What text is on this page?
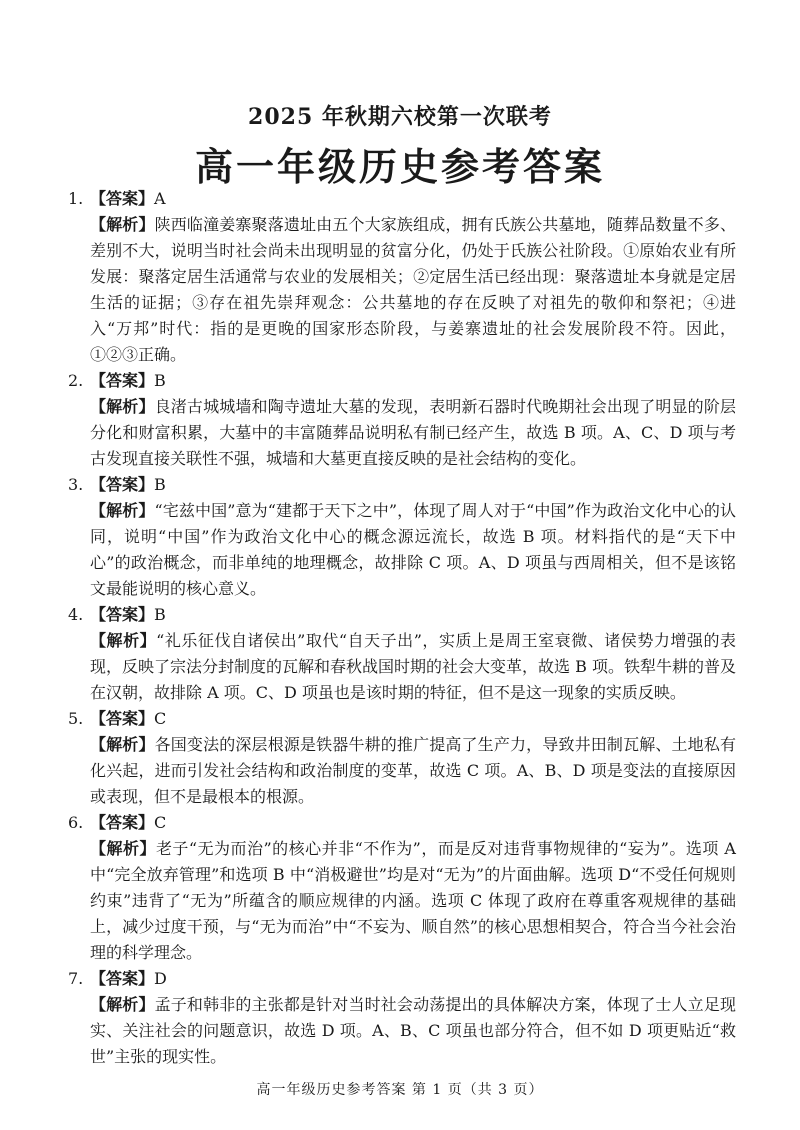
2025 年秋期六校第一次联考
高一年级历史参考答案
1. 【答案】A
【解析】陕西临潼姜寨聚落遗址由五个大家族组成，拥有氏族公共墓地，随葬品数量不多、差别不大，说明当时社会尚未出现明显的贫富分化，仍处于氏族公社阶段。①原始农业有所发展：聚落定居生活通常与农业的发展相关；②定居生活已经出现：聚落遗址本身就是定居生活的证据；③存在祖先崇拜观念：公共墓地的存在反映了对祖先的敬仰和祭祀；④进入“万邦”时代：指的是更晚的国家形态阶段，与姜寨遗址的社会发展阶段不符。因此，①②③正确。
2. 【答案】B
【解析】良渚古城城墙和陶寺遗址大墓的发现，表明新石器时代晚期社会出现了明显的阶层分化和财富积累，大墓中的丰富随葬品说明私有制已经产生，故选 B 项。A、C、D 项与考古发现直接关联性不强，城墙和大墓更直接反映的是社会结构的变化。
3. 【答案】B
【解析】“宅兹中国”意为“建都于天下之中”，体现了周人对于“中国”作为政治文化中心的认同，说明“中国”作为政治文化中心的概念源远流长，故选 B 项。材料指代的是“天下中心”的政治概念，而非单纯的地理概念，故排除 C 项。A、D 项虽与西周相关，但不是该铭文最能说明的核心意义。
4. 【答案】B
【解析】“礼乐征伐自诸侯出”取代“自天子出”，实质上是周王室衰微、诸侯势力增强的表现，反映了宗法分封制度的瓦解和春秋战国时期的社会大变革，故选 B 项。铁犁牛耕的普及在汉朝，故排除 A 项。C、D 项虽也是该时期的特征，但不是这一现象的实质反映。
5. 【答案】C
【解析】各国变法的深层根源是铁器牛耕的推广提高了生产力，导致井田制瓦解、土地私有化兴起，进而引发社会结构和政治制度的变革，故选 C 项。A、B、D 项是变法的直接原因或表现，但不是最根本的根源。
6. 【答案】C
【解析】老子“无为而治”的核心并非“不作为”，而是反对违背事物规律的“妄为”。选项 A 中“完全放弃管理”和选项 B 中“消极避世”均是对“无为”的片面曲解。选项 D“不受任何规则约束”违背了“无为”所蕴含的顺应规律的内涵。选项 C 体现了政府在尊重客观规律的基础上，减少过度干预，与“无为而治”中“不妄为、顺自然”的核心思想相契合，符合当今社会治理的科学理念。
7. 【答案】D
【解析】孟子和韩非的主张都是针对当时社会动荡提出的具体解决方案，体现了士人立足现实、关注社会的问题意识，故选 D 项。A、B、C 项虽也部分符合，但不如 D 项更贴近“救世”主张的现实性。
高一年级历史参考答案 第 1 页（共 3 页）
